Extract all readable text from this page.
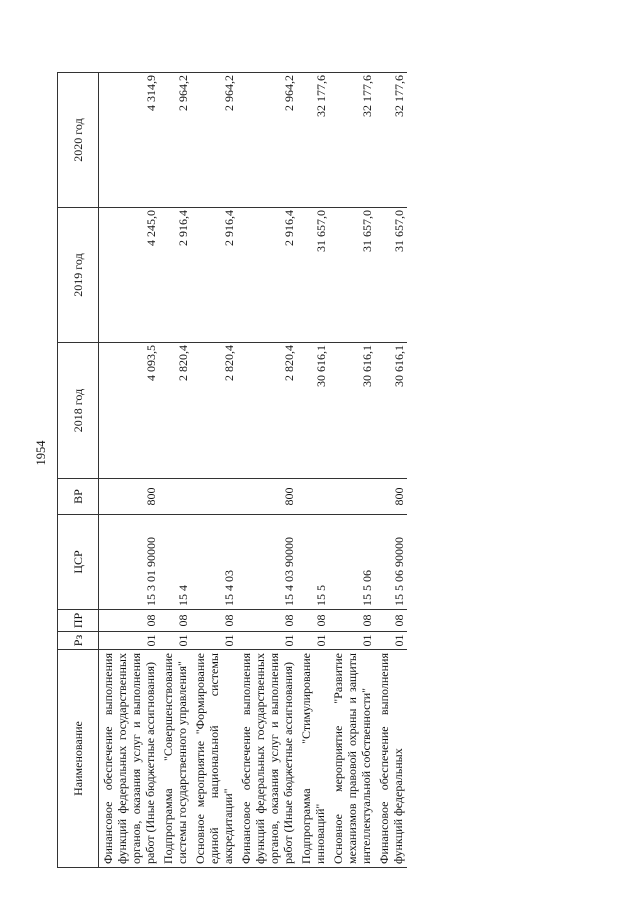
1954
Наименование	Рз	ПР	ЦСР	ВР	2018 год	2019 год	2020 год
Финансовое обеспечение выполнения функций федеральных государственных органов, оказания услуг и выполнения работ (Иные бюджетные ассигнования)	01	08	15 3 01 90000	800	4 093,5	4 245,0	4 314,9
Подпрограмма "Совершенствование системы государственного управления"	01	08	15 4		2 820,4	2 916,4	2 964,2
Основное мероприятие "Формирование единой национальной системы аккредитации"	01	08	15 4 03		2 820,4	2 916,4	2 964,2
Финансовое обеспечение выполнения функций федеральных государственных органов, оказания услуг и выполнения работ (Иные бюджетные ассигнования)	01	08	15 4 03 90000	800	2 820,4	2 916,4	2 964,2
Подпрограмма "Стимулирование инноваций"	01	08	15 5		30 616,1	31 657,0	32 177,6
Основное мероприятие "Развитие механизмов правовой охраны и защиты интеллектуальной собственности"	01	08	15 5 06		30 616,1	31 657,0	32 177,6
Финансовое обеспечение выполнения функций федеральных	01	08	15 5 06 90000	800	30 616,1	31 657,0	32 177,6
